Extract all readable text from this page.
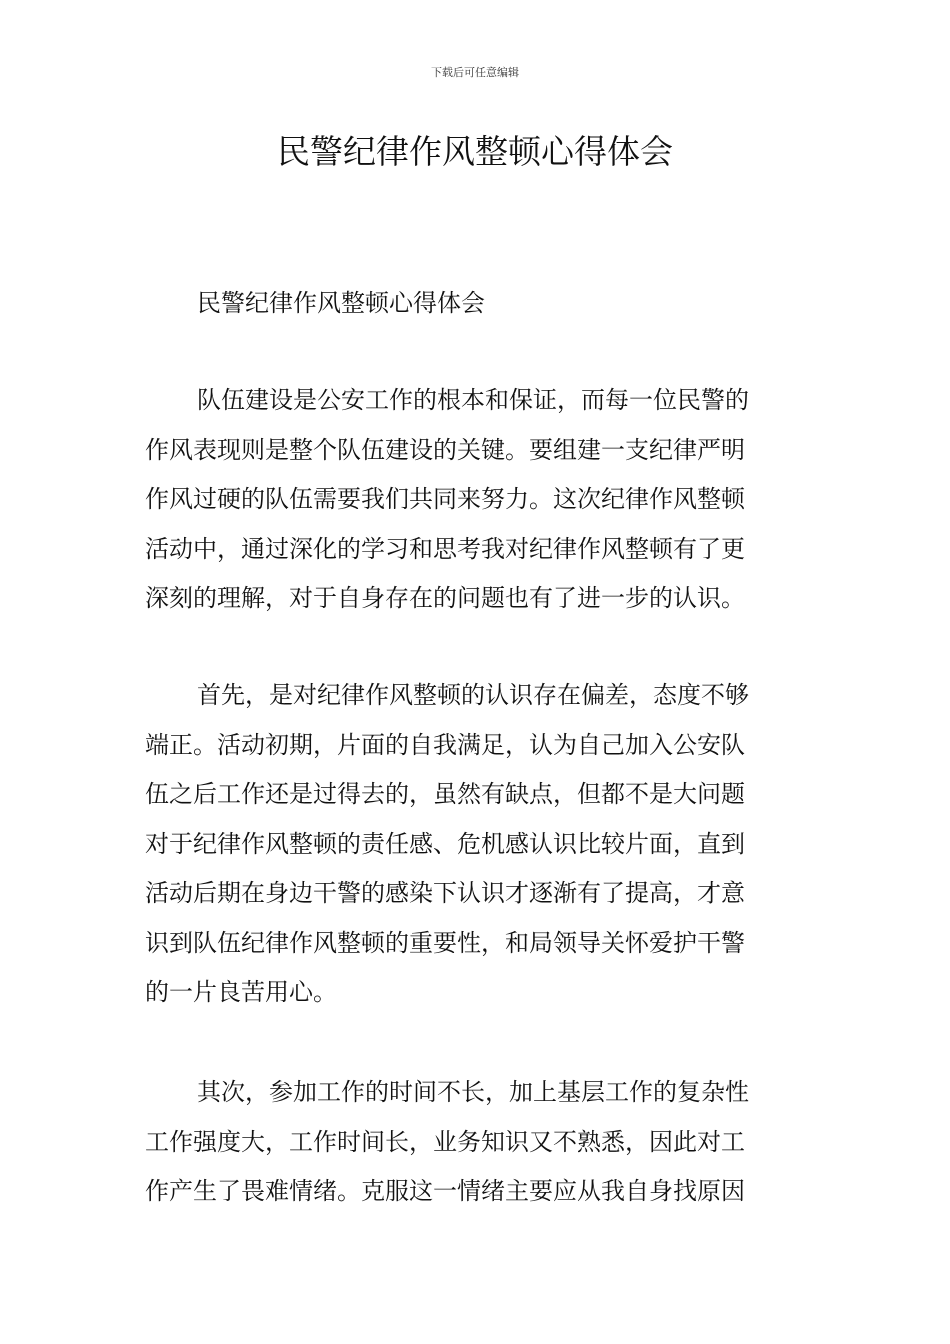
下载后可任意编辑
民警纪律作风整顿心得体会
民警纪律作风整顿心得体会
队伍建设是公安工作的根本和保证，而每一位民警的
作风表现则是整个队伍建设的关键。要组建一支纪律严明
作风过硬的队伍需要我们共同来努力。这次纪律作风整顿
活动中，通过深化的学习和思考我对纪律作风整顿有了更
深刻的理解，对于自身存在的问题也有了进一步的认识。
首先，是对纪律作风整顿的认识存在偏差，态度不够
端正。活动初期，片面的自我满足，认为自己加入公安队
伍之后工作还是过得去的，虽然有缺点，但都不是大问题
对于纪律作风整顿的责任感、危机感认识比较片面，直到
活动后期在身边干警的感染下认识才逐渐有了提高，才意
识到队伍纪律作风整顿的重要性，和局领导关怀爱护干警
的一片良苦用心。
其次，参加工作的时间不长，加上基层工作的复杂性
工作强度大，工作时间长，业务知识又不熟悉，因此对工
作产生了畏难情绪。克服这一情绪主要应从我自身找原因
